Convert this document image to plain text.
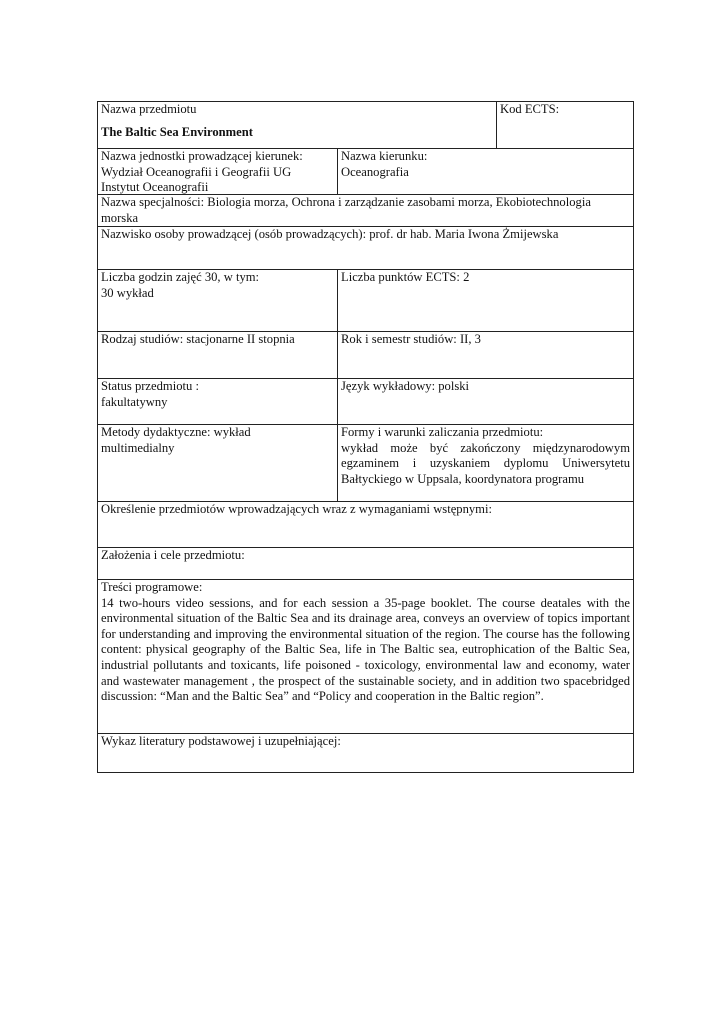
Nazwa przedmiotu
The Baltic Sea Environment
Kod ECTS:
Nazwa jednostki prowadzącej kierunek:
Wydział Oceanografii i Geografii UG
Instytut Oceanografii
Nazwa kierunku:
Oceanografia
Nazwa specjalności: Biologia morza, Ochrona i zarządzanie zasobami morza, Ekobiotechnologia morska
Nazwisko osoby prowadzącej (osób prowadzących): prof. dr hab. Maria Iwona Żmijewska
Liczba godzin zajęć 30, w tym:
30 wykład
Liczba punktów ECTS: 2
Rodzaj studiów: stacjonarne II stopnia	Rok i semestr studiów: II, 3
Status przedmiotu :
fakultatywny
Język wykładowy: polski
Metody dydaktyczne: wykład
multimedialny
Formy i warunki zaliczania przedmiotu:

wykład może być zakończony międzynarodowym egzaminem i uzyskaniem dyplomu Uniwersytetu Bałtyckiego w Uppsala, koordynatora programu

Określenie przedmiotów wprowadzających wraz z wymaganiami wstępnymi:
Założenia i cele przedmiotu:
Treści programowe:

14 two-hours video sessions, and for each session a 35-page booklet. The course deatales with the environmental situation of the Baltic Sea and its drainage area, conveys an overview of topics important for understanding and improving the environmental situation of the region. The course has the following content: physical geography of the Baltic Sea, life in The Baltic sea, eutrophication of the Baltic Sea, industrial pollutants and toxicants, life poisoned - toxicology, environmental law and economy, water and wastewater management , the prospect of the sustainable society, and in addition two spacebridged discussion: “Man and the Baltic Sea” and “Policy and cooperation in the Baltic region”.

Wykaz literatury podstawowej i uzupełniającej:
